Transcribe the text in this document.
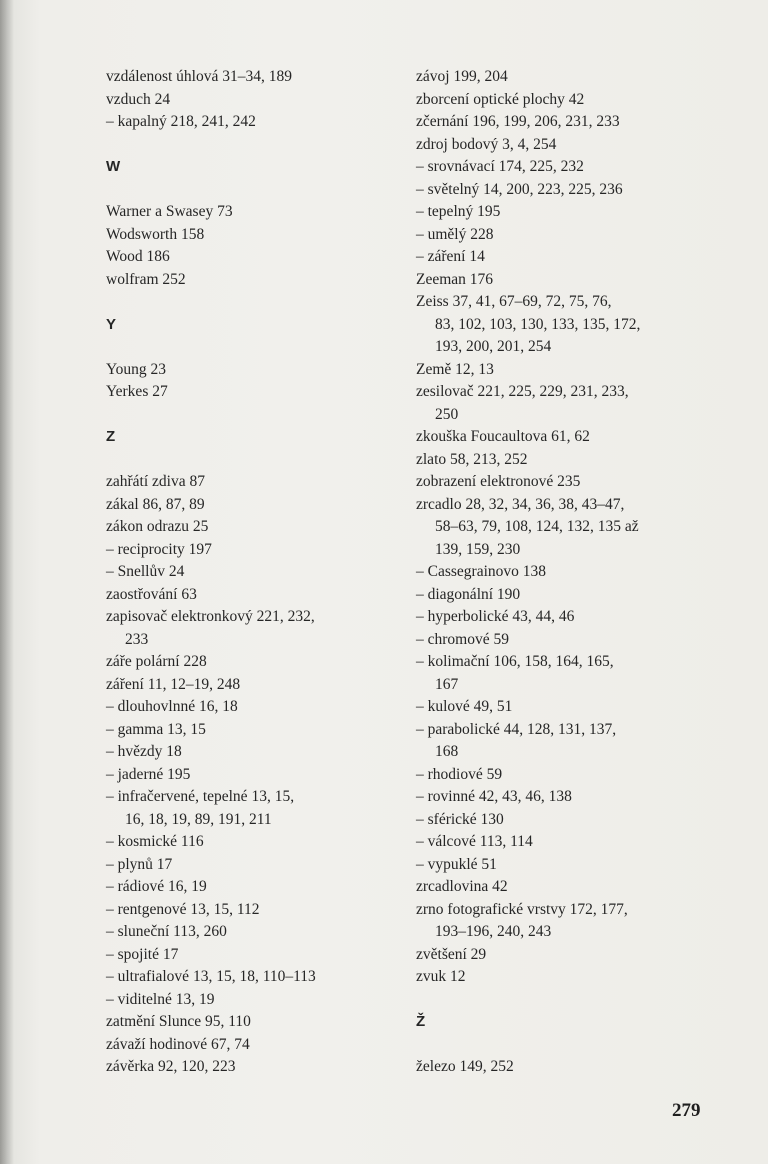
vzdálenost úhlová 31–34, 189
vzduch 24
– kapalný 218, 241, 242
W
Warner a Swasey 73
Wodsworth 158
Wood 186
wolfram 252
Y
Young 23
Yerkes 27
Z
zahřátí zdiva 87
zákal 86, 87, 89
zákon odrazu 25
– reciprocity 197
– Snellův 24
zaostřování 63
zapisovač elektronkový 221, 232,
233
záře polární 228
záření 11, 12–19, 248
– dlouhovlnné 16, 18
– gamma 13, 15
– hvězdy 18
– jaderné 195
– infračervené, tepelné 13, 15,
16, 18, 19, 89, 191, 211
– kosmické 116
– plynů 17
– rádiové 16, 19
– rentgenové 13, 15, 112
– sluneční 113, 260
– spojité 17
– ultrafialové 13, 15, 18, 110–113
– viditelné 13, 19
zatmění Slunce 95, 110
závaží hodinové 67, 74
závěrka 92, 120, 223
závoj 199, 204
zborcení optické plochy 42
zčernání 196, 199, 206, 231, 233
zdroj bodový 3, 4, 254
– srovnávací 174, 225, 232
– světelný 14, 200, 223, 225, 236
– tepelný 195
– umělý 228
– záření 14
Zeeman 176
Zeiss 37, 41, 67–69, 72, 75, 76,
83, 102, 103, 130, 133, 135, 172,
193, 200, 201, 254
Země 12, 13
zesilovač 221, 225, 229, 231, 233,
250
zkouška Foucaultova 61, 62
zlato 58, 213, 252
zobrazení elektronové 235
zrcadlo 28, 32, 34, 36, 38, 43–47,
58–63, 79, 108, 124, 132, 135 až
139, 159, 230
– Cassegrainovo 138
– diagonální 190
– hyperbolické 43, 44, 46
– chromové 59
– kolimační 106, 158, 164, 165,
167
– kulové 49, 51
– parabolické 44, 128, 131, 137,
168
– rhodiové 59
– rovinné 42, 43, 46, 138
– sférické 130
– válcové 113, 114
– vypuklé 51
zrcadlovina 42
zrno fotografické vrstvy 172, 177,
193–196, 240, 243
zvětšení 29
zvuk 12
Ž
železo 149, 252
279
